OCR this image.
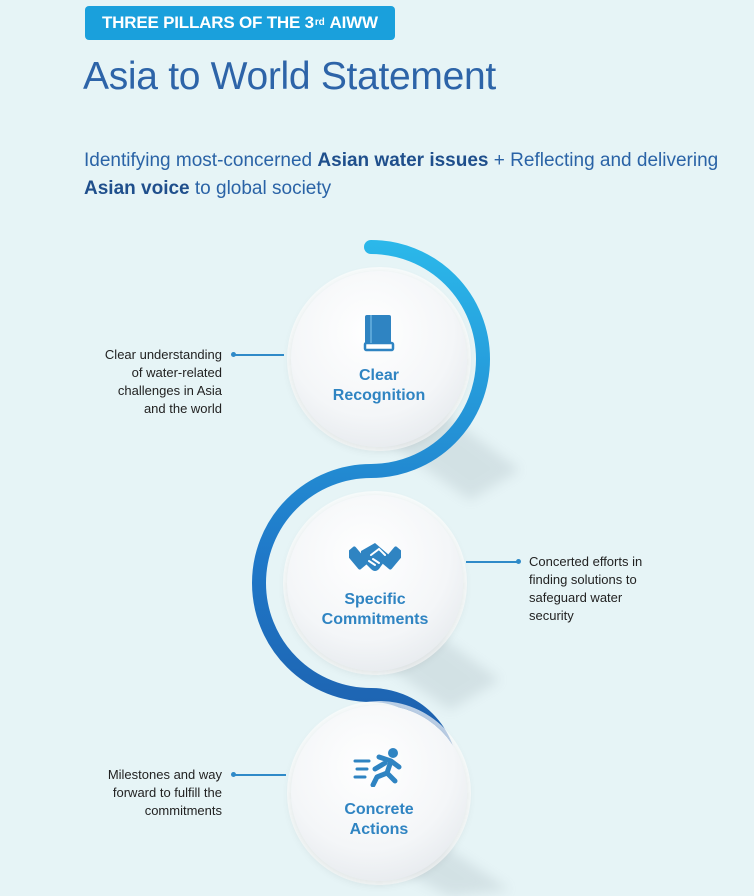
THREE PILLARS OF THE 3rd AIWW
Asia to World Statement
Identifying most-concerned Asian water issues + Reflecting and delivering Asian voice to global society
Clear
Recognition
Specific
Commitments
Concrete
Actions
Clear understanding
of water-related
challenges in Asia
and the world
Concerted efforts in
finding solutions to
safeguard water
security
Milestones and way
forward to fulfill the
commitments
